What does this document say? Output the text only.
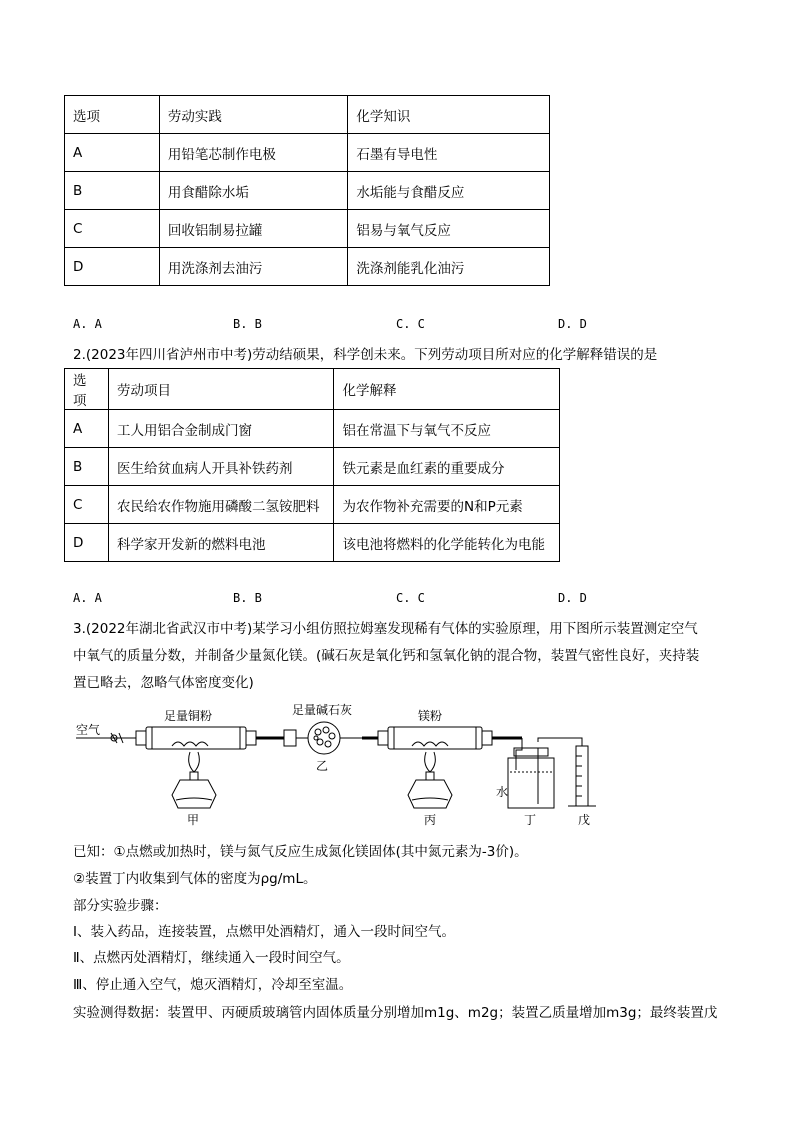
选项	劳动实践	化学知识
A	用铅笔芯制作电极	石墨有导电性
B	用食醋除水垢	水垢能与食醋反应
C	回收铝制易拉罐	铝易与氧气反应
D	用洗涤剂去油污	洗涤剂能乳化油污
A. A	B. B	C. C	D. D
2.(2023年四川省泸州市中考)劳动结硕果，科学创未来。下列劳动项目所对应的化学解释错误的是
选项	劳动项目	化学解释
A	工人用铝合金制成门窗	铝在常温下与氧气不反应
B	医生给贫血病人开具补铁药剂	铁元素是血红素的重要成分
C	农民给农作物施用磷酸二氢铵肥料	为农作物补充需要的N和P元素
D	科学家开发新的燃料电池	该电池将燃料的化学能转化为电能
A. A	B. B	C. C	D. D
3.(2022年湖北省武汉市中考)某学习小组仿照拉姆塞发现稀有气体的实验原理，用下图所示装置测定空气
中氧气的质量分数，并制备少量氮化镁。(碱石灰是氧化钙和氢氧化钠的混合物，装置气密性良好，夹持装
置已略去，忽略气体密度变化)
空气
足量铜粉
甲
足量碱石灰
乙
镁粉
丙
水
丁	戊
已知：①点燃或加热时，镁与氮气反应生成氮化镁固体(其中氮元素为-3价)。
②装置丁内收集到气体的密度为ρg/mL。
部分实验步骤：
Ⅰ、装入药品，连接装置，点燃甲处酒精灯，通入一段时间空气。
Ⅱ、点燃丙处酒精灯，继续通入一段时间空气。
Ⅲ、停止通入空气，熄灭酒精灯，冷却至室温。
实验测得数据：装置甲、丙硬质玻璃管内固体质量分别增加m1g、m2g；装置乙质量增加m3g；最终装置戊
